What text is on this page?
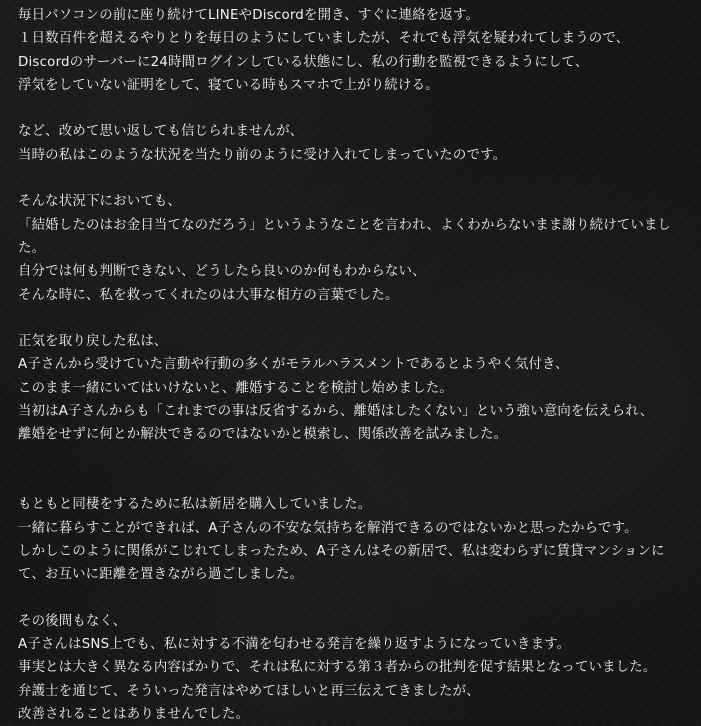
毎日パソコンの前に座り続けてLINEやDiscordを開き、すぐに連絡を返す。
１日数百件を超えるやりとりを毎日のようにしていましたが、それでも浮気を疑われてしまうので、
Discordのサーバーに24時間ログインしている状態にし、私の行動を監視できるようにして、
浮気をしていない証明をして、寝ている時もスマホで上がり続ける。
など、改めて思い返しても信じられませんが、
当時の私はこのような状況を当たり前のように受け入れてしまっていたのです。
そんな状況下においても、
「結婚したのはお金目当てなのだろう」というようなことを言われ、よくわからないまま謝り続けていまし
た。
自分では何も判断できない、どうしたら良いのか何もわからない、
そんな時に、私を救ってくれたのは大事な相方の言葉でした。
正気を取り戻した私は、
A子さんから受けていた言動や行動の多くがモラルハラスメントであるとようやく気付き、
このまま一緒にいてはいけないと、離婚することを検討し始めました。
当初はA子さんからも「これまでの事は反省するから、離婚はしたくない」という強い意向を伝えられ、
離婚をせずに何とか解決できるのではないかと模索し、関係改善を試みました。
もともと同棲をするために私は新居を購入していました。
一緒に暮らすことができれば、A子さんの不安な気持ちを解消できるのではないかと思ったからです。
しかしこのように関係がこじれてしまったため、A子さんはその新居で、私は変わらずに賃貸マンションに
て、お互いに距離を置きながら過ごしました。
その後間もなく、
A子さんはSNS上でも、私に対する不満を匂わせる発言を繰り返すようになっていきます。
事実とは大きく異なる内容ばかりで、それは私に対する第３者からの批判を促す結果となっていました。
弁護士を通じて、そういった発言はやめてほしいと再三伝えてきましたが、
改善されることはありませんでした。
